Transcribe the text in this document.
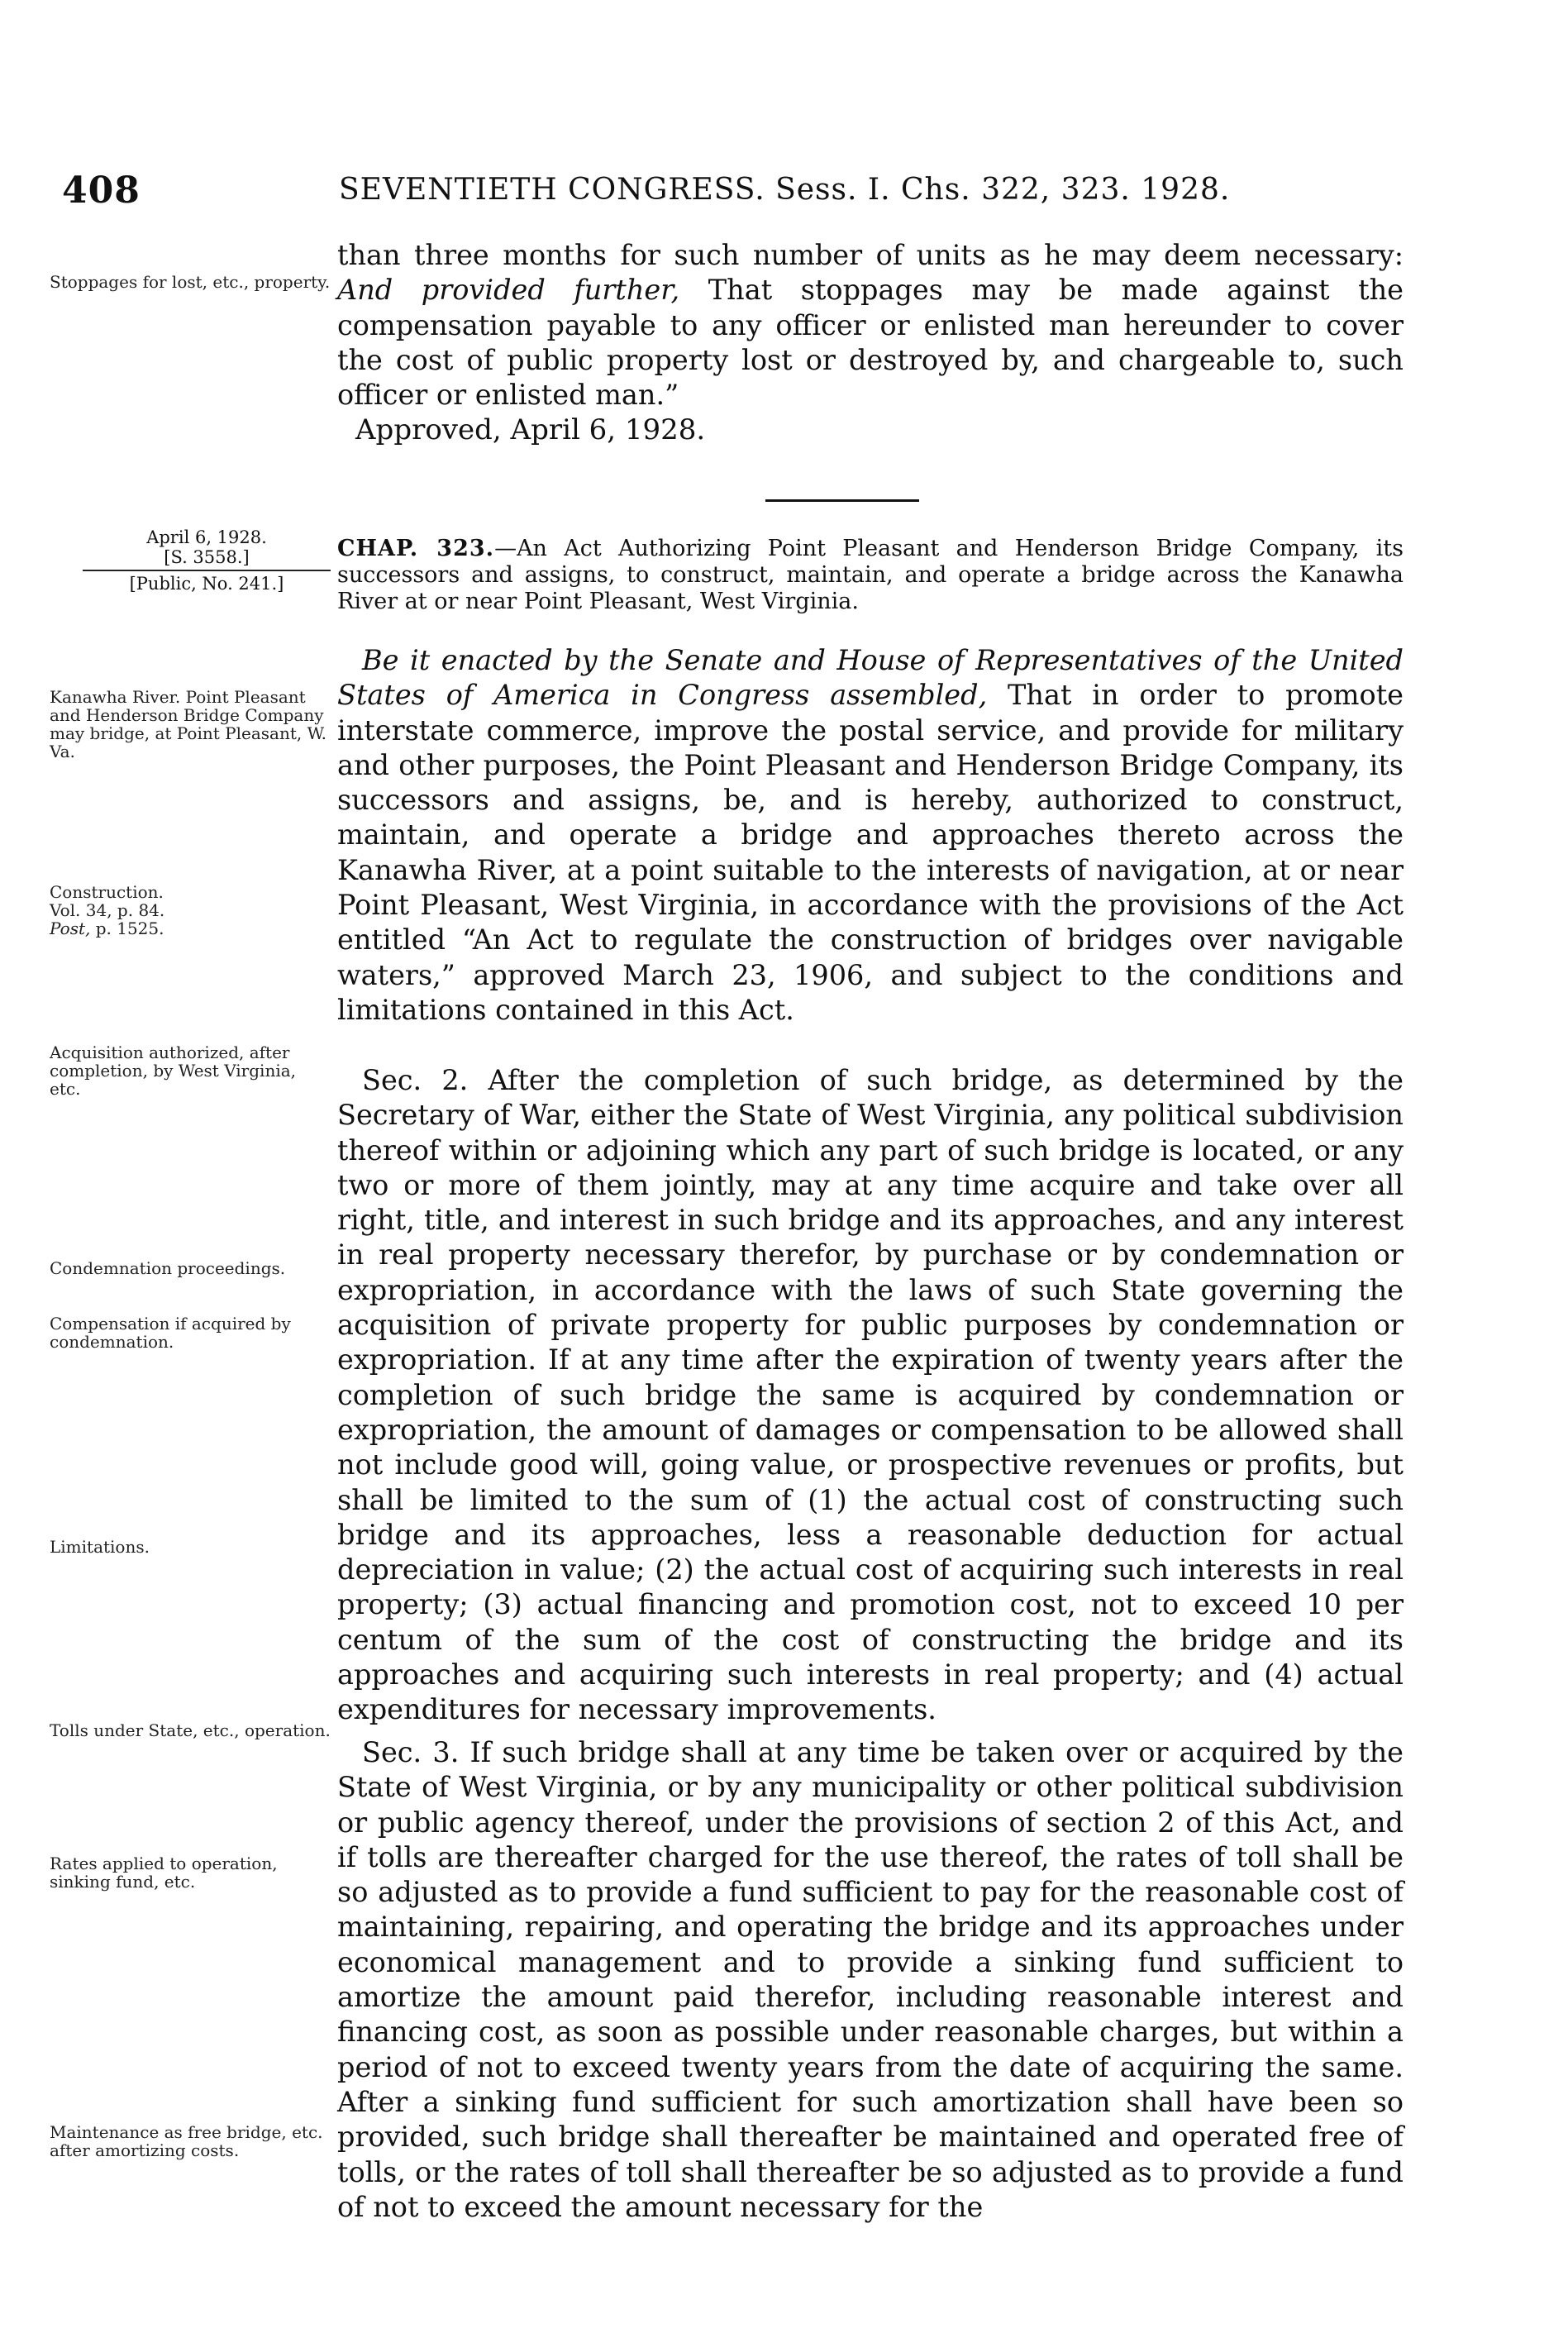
408	SEVENTIETH CONGRESS. Sess. I. Chs. 322, 323. 1928.

than three months for such number of units as he may deem necessary: And provided further, That stoppages may be made against the compensation payable to any officer or enlisted man hereunder to cover the cost of public property lost or destroyed by, and chargeable to, such officer or enlisted man.”

Approved, April 6, 1928.

April 6, 1928.
[S. 3558.]
[Public, No. 241.]

CHAP. 323.—An Act Authorizing Point Pleasant and Henderson Bridge Company, its successors and assigns, to construct, maintain, and operate a bridge across the Kanawha River at or near Point Pleasant, West Virginia.

Be it enacted by the Senate and House of Representatives of the United States of America in Congress assembled, That in order to promote interstate commerce, improve the postal service, and provide for military and other purposes, the Point Pleasant and Henderson Bridge Company, its successors and assigns, be, and is hereby, authorized to construct, maintain, and operate a bridge and approaches thereto across the Kanawha River, at a point suitable to the interests of navigation, at or near Point Pleasant, West Virginia, in accordance with the provisions of the Act entitled “An Act to regulate the construction of bridges over navigable waters,” approved March 23, 1906, and subject to the conditions and limitations contained in this Act.

Sec. 2. After the completion of such bridge, as determined by the Secretary of War, either the State of West Virginia, any political subdivision thereof within or adjoining which any part of such bridge is located, or any two or more of them jointly, may at any time acquire and take over all right, title, and interest in such bridge and its approaches, and any interest in real property necessary therefor, by purchase or by condemnation or expropriation, in accordance with the laws of such State governing the acquisition of private property for public purposes by condemnation or expropriation. If at any time after the expiration of twenty years after the completion of such bridge the same is acquired by condemnation or expropriation, the amount of damages or compensation to be allowed shall not include good will, going value, or prospective revenues or profits, but shall be limited to the sum of (1) the actual cost of constructing such bridge and its approaches, less a reasonable deduction for actual depreciation in value; (2) the actual cost of acquiring such interests in real property; (3) actual financing and promotion cost, not to exceed 10 per centum of the sum of the cost of constructing the bridge and its approaches and acquiring such interests in real property; and (4) actual expenditures for necessary improvements.

Sec. 3. If such bridge shall at any time be taken over or acquired by the State of West Virginia, or by any municipality or other political subdivision or public agency thereof, under the provisions of section 2 of this Act, and if tolls are thereafter charged for the use thereof, the rates of toll shall be so adjusted as to provide a fund sufficient to pay for the reasonable cost of maintaining, repairing, and operating the bridge and its approaches under economical management and to provide a sinking fund sufficient to amortize the amount paid therefor, including reasonable interest and financing cost, as soon as possible under reasonable charges, but within a period of not to exceed twenty years from the date of acquiring the same. After a sinking fund sufficient for such amortization shall have been so provided, such bridge shall thereafter be maintained and operated free of tolls, or the rates of toll shall thereafter be so adjusted as to provide a fund of not to exceed the amount necessary for the

Stoppages for lost, etc., property.

Kanawha River. Point Pleasant and Henderson Bridge Company may bridge, at Point Pleasant, W. Va.

Construction.
Vol. 34, p. 84.
Post, p. 1525.

Acquisition authorized, after completion, by West Virginia, etc.

Condemnation proceedings.

Compensation if acquired by condemnation.

Limitations.

Tolls under State, etc., operation.

Rates applied to operation, sinking fund, etc.

Maintenance as free bridge, etc. after amortizing costs.
